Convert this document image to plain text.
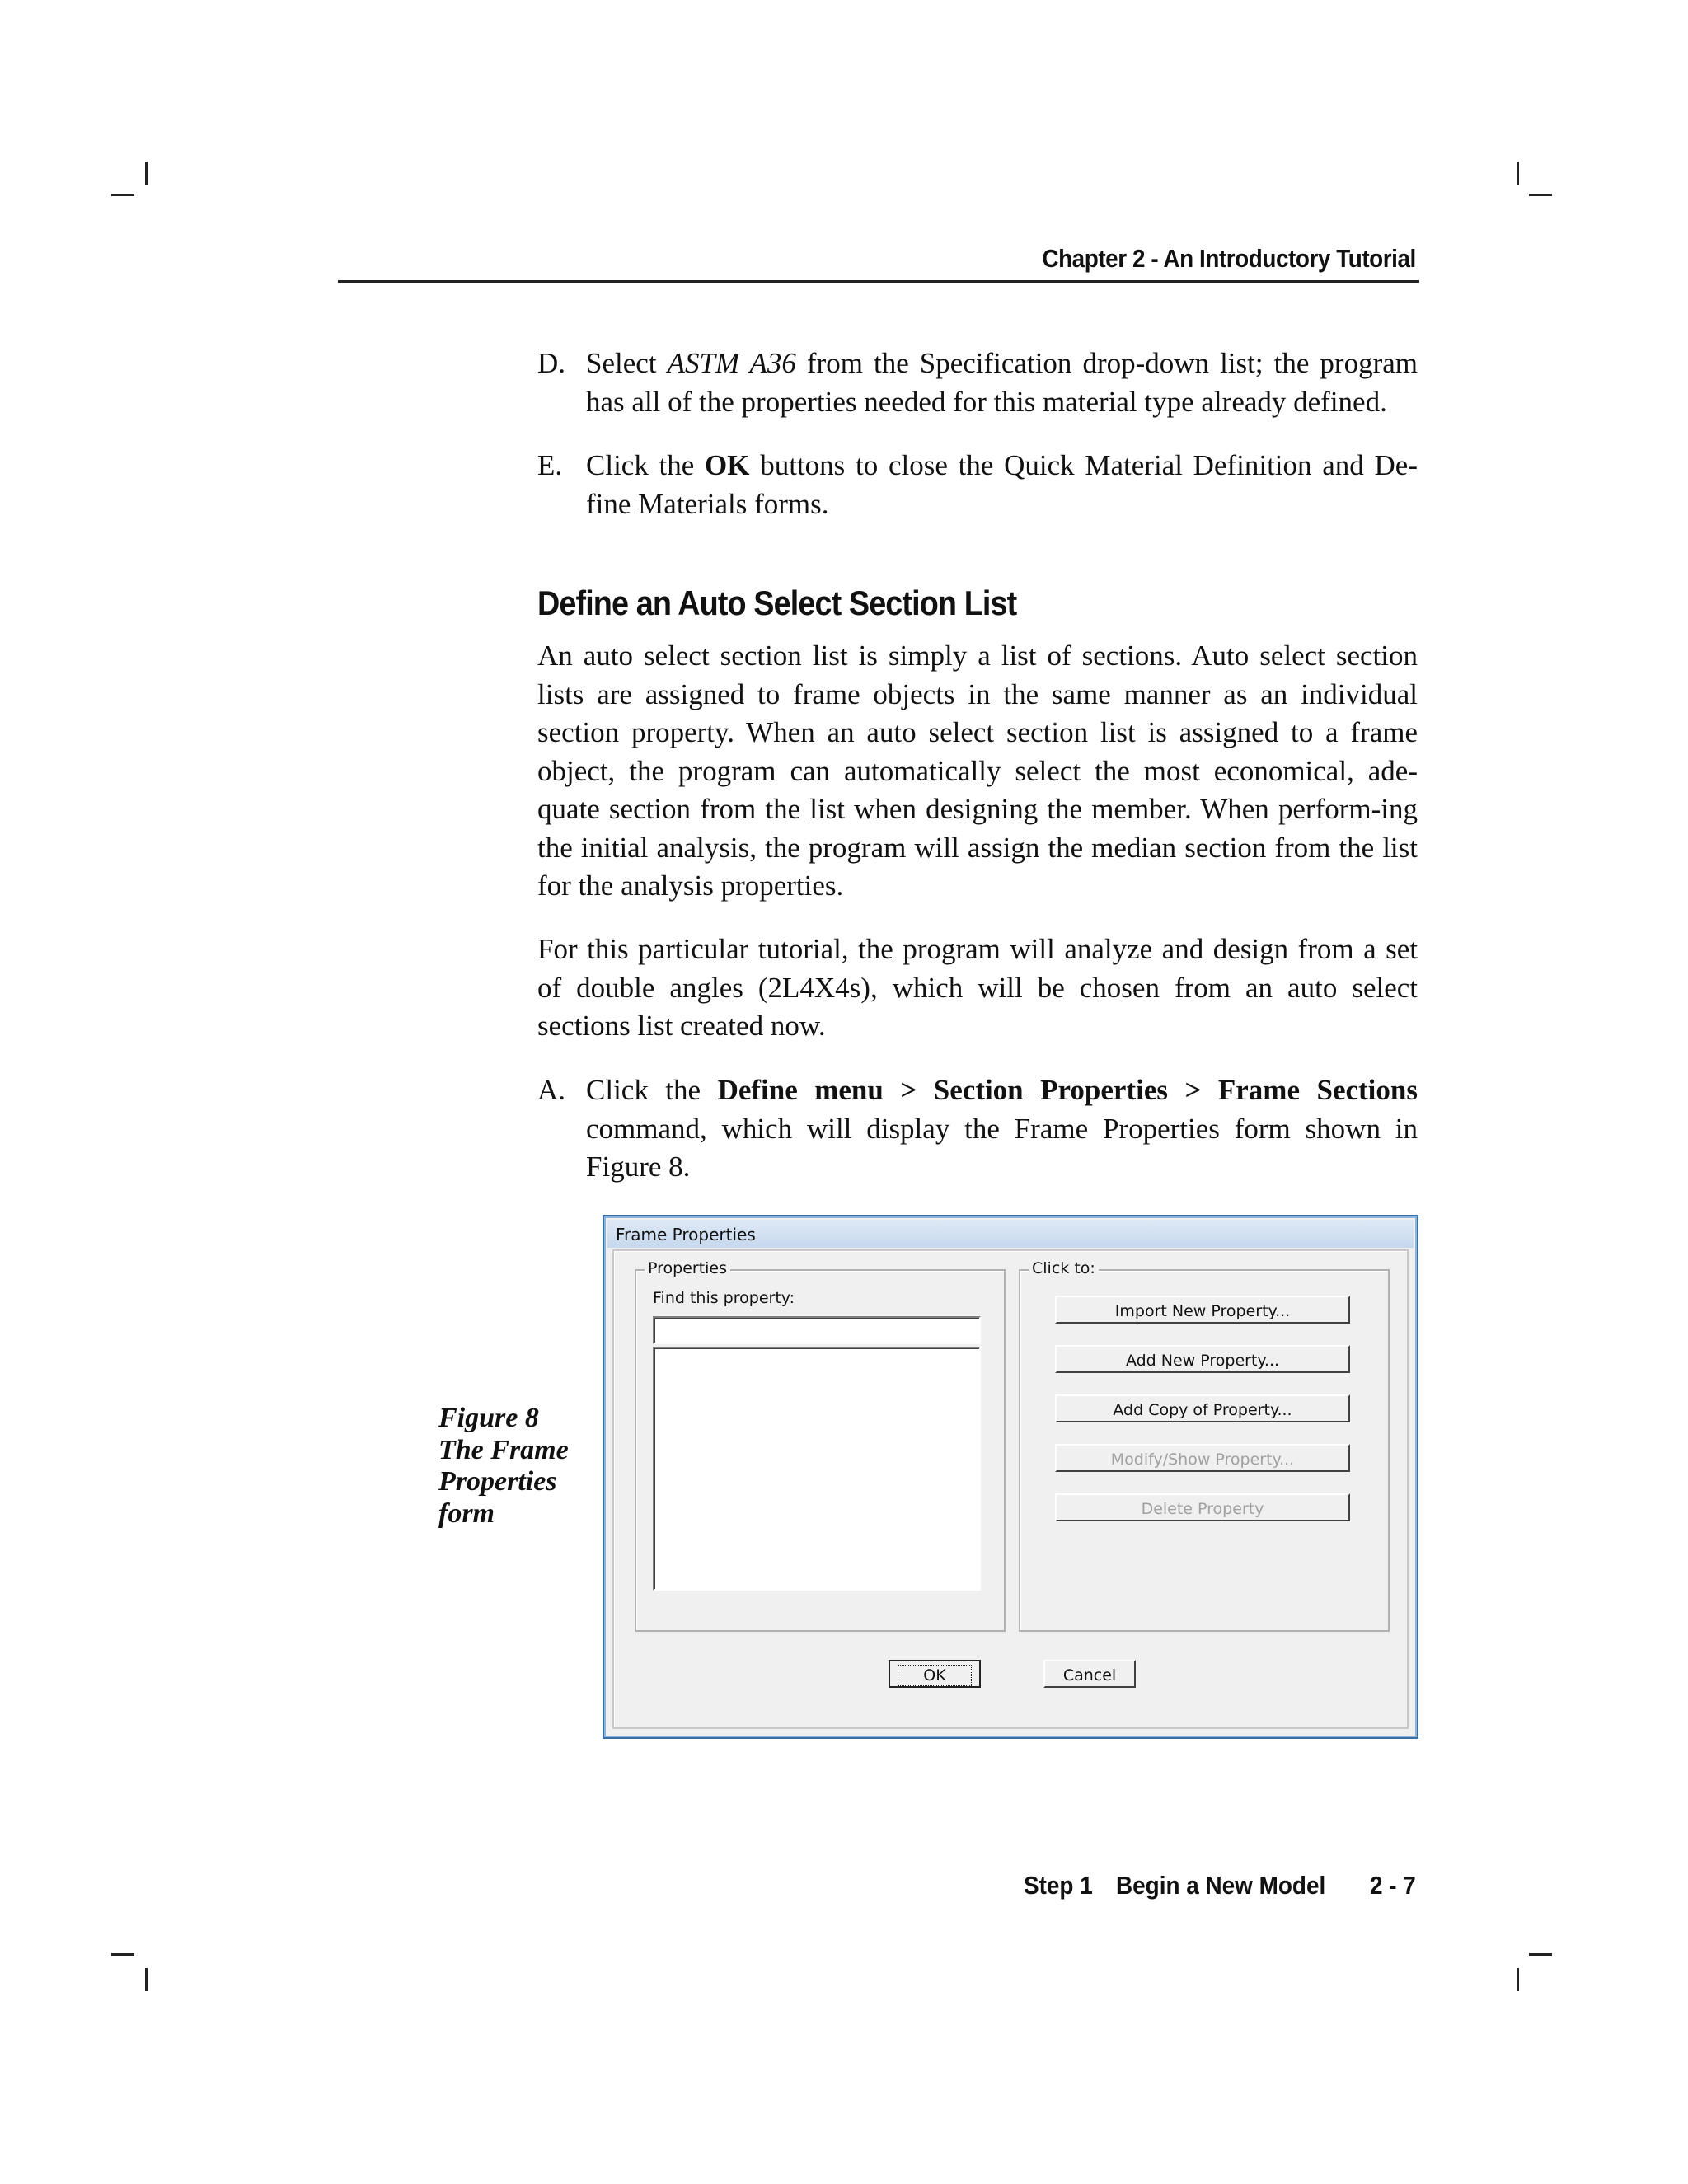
Chapter 2 - An Introductory Tutorial
D. Select ASTM A36 from the Specification drop-down list; the program has all of the properties needed for this material type already defined.
E. Click the OK buttons to close the Quick Material Definition and De-fine Materials forms.
Define an Auto Select Section List
An auto select section list is simply a list of sections. Auto select section lists are assigned to frame objects in the same manner as an individual section property. When an auto select section list is assigned to a frame object, the program can automatically select the most economical, ade-quate section from the list when designing the member. When perform-ing the initial analysis, the program will assign the median section from the list for the analysis properties.
For this particular tutorial, the program will analyze and design from a set of double angles (2L4X4s), which will be chosen from an auto select sections list created now.
A. Click the Define menu > Section Properties > Frame Sections command, which will display the Frame Properties form shown in Figure 8.
Figure 8
The Frame
Properties
form
Frame Properties
Properties
Find this property:
Click to:
Import New Property...
Add New Property...
Add Copy of Property...
Modify/Show Property...
Delete Property
OK	Cancel
Step 1 Begin a New Model 2 - 7
